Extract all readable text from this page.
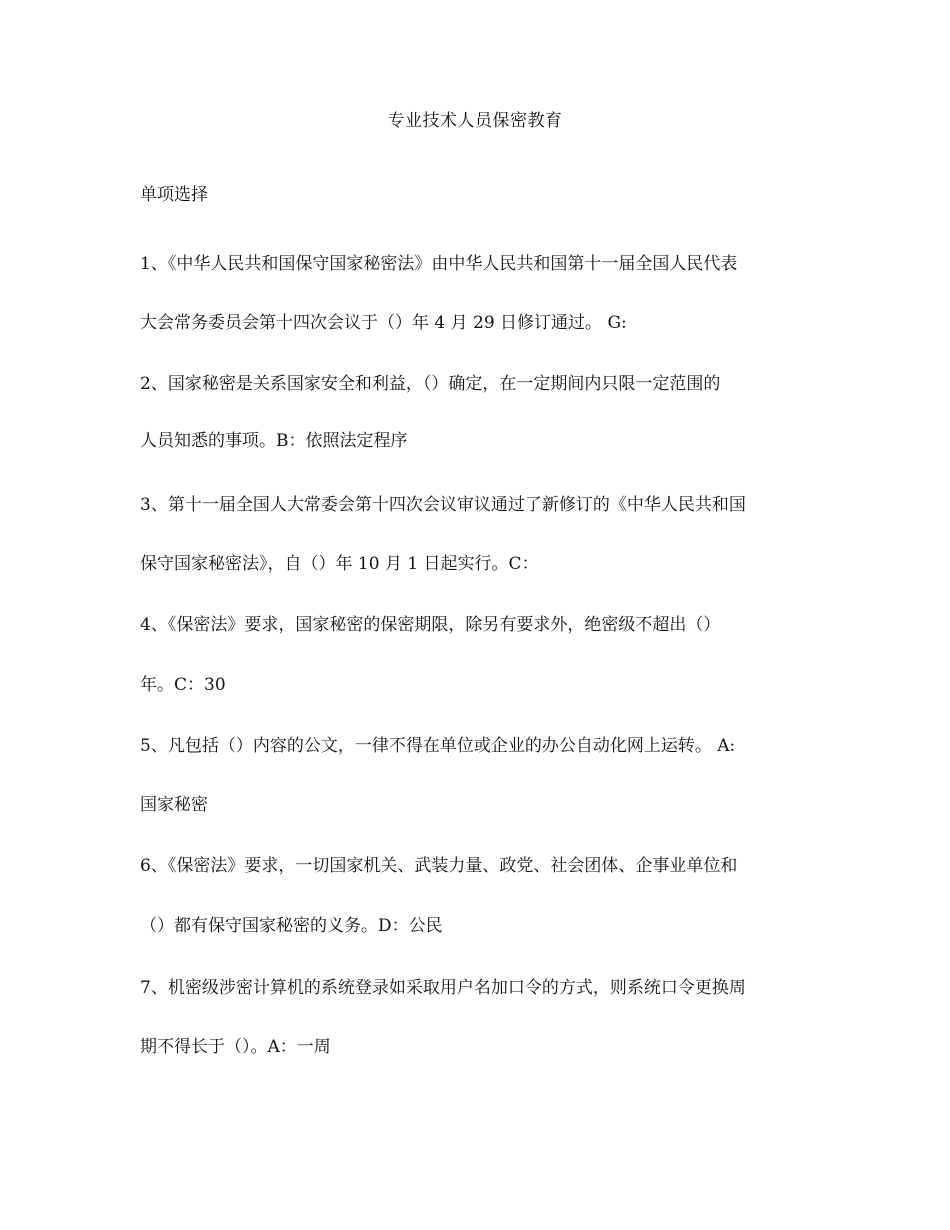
专业技术人员保密教育
单项选择
1、《中华人民共和国保守国家秘密法》由中华人民共和国第十一届全国人民代表
大会常务委员会第十四次会议于（）年 4 月 29 日修订通过。 G:
2、国家秘密是关系国家安全和利益，（）确定，在一定期间内只限一定范围的
人员知悉的事项。B：依照法定程序
3、第十一届全国人大常委会第十四次会议审议通过了新修订的《中华人民共和国
保守国家秘密法》，自（）年 10 月 1 日起实行。C：
4、《保密法》要求，国家秘密的保密期限，除另有要求外，绝密级不超出（）
年。C：30
5、凡包括（）内容的公文，一律不得在单位或企业的办公自动化网上运转。 A:
国家秘密
6、《保密法》要求，一切国家机关、武装力量、政党、社会团体、企事业单位和
（）都有保守国家秘密的义务。D：公民
7、机密级涉密计算机的系统登录如采取用户名加口令的方式，则系统口令更换周
期不得长于（）。A：一周
